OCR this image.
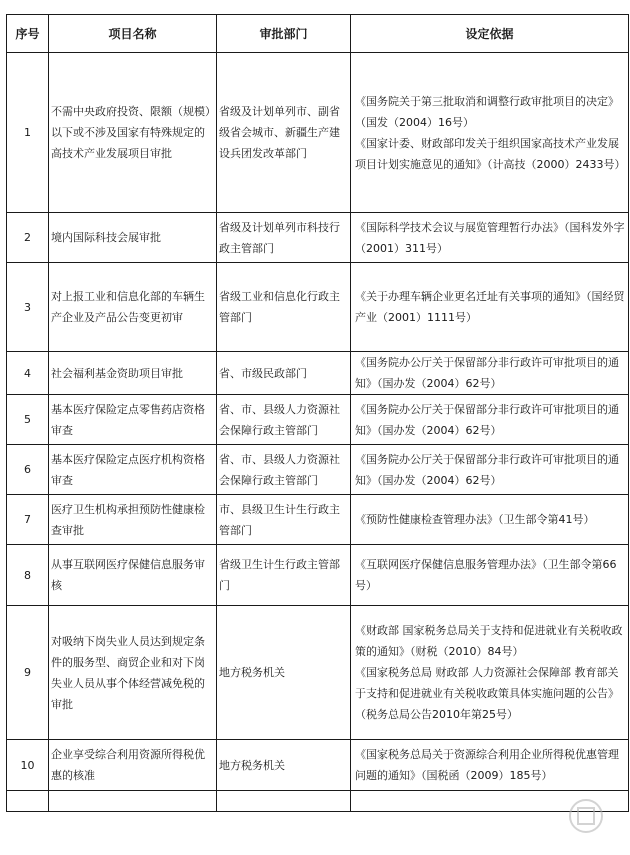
序号	项目名称	审批部门	设定依据
1	不需中央政府投资、限额（规模）以下或不涉及国家有特殊规定的高技术产业发展项目审批	省级及计划单列市、副省级省会城市、新疆生产建设兵团发改革部门	《国务院关于第三批取消和调整行政审批项目的决定》（国发（2004）16号）
《国家计委、财政部印发关于组织国家高技术产业发展项目计划实施意见的通知》（计高技（2000）2433号）

2	境内国际科技会展审批	省级及计划单列市科技行政主管部门	《国际科学技术会议与展览管理暂行办法》（国科发外字（2001）311号）

3	对上报工业和信息化部的车辆生产企业及产品公告变更初审	省级工业和信息化行政主管部门	《关于办理车辆企业更名迁址有关事项的通知》（国经贸产业（2001）1111号）

4	社会福利基金资助项目审批	省、市级民政部门	《国务院办公厅关于保留部分非行政许可审批项目的通知》（国办发（2004）62号）

5	基本医疗保险定点零售药店资格审查	省、市、县级人力资源社会保障行政主管部门	《国务院办公厅关于保留部分非行政许可审批项目的通知》（国办发（2004）62号）

6	基本医疗保险定点医疗机构资格审查	省、市、县级人力资源社会保障行政主管部门	《国务院办公厅关于保留部分非行政许可审批项目的通知》（国办发（2004）62号）

7	医疗卫生机构承担预防性健康检查审批	市、县级卫生计生行政主管部门	《预防性健康检查管理办法》（卫生部令第41号）

8	从事互联网医疗保健信息服务审核	省级卫生计生行政主管部门	《互联网医疗保健信息服务管理办法》（卫生部令第66号）

9	对吸纳下岗失业人员达到规定条件的服务型、商贸企业和对下岗失业人员从事个体经营减免税的审批	地方税务机关	《财政部 国家税务总局关于支持和促进就业有关税收政策的通知》（财税（2010）84号）
《国家税务总局 财政部 人力资源社会保障部 教育部关于支持和促进就业有关税收政策具体实施问题的公告》（税务总局公告2010年第25号）

10	企业享受综合利用资源所得税优惠的核准	地方税务机关	《国家税务总局关于资源综合利用企业所得税优惠管理问题的通知》（国税函（2009）185号）
